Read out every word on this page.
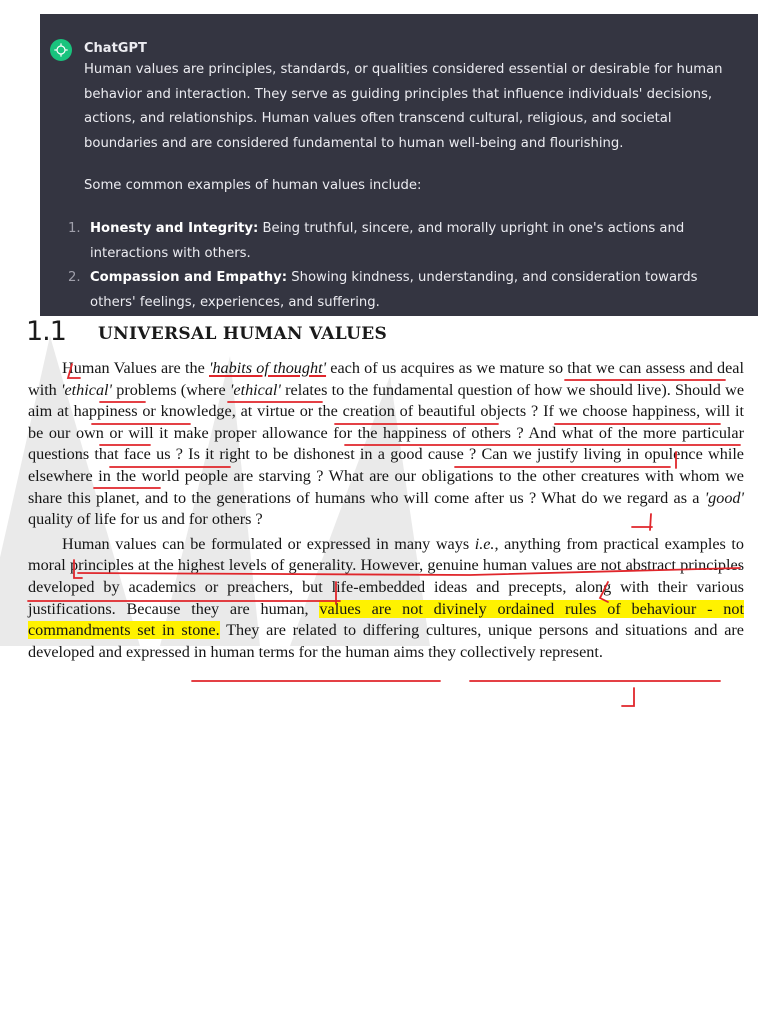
ChatGPT

Human values are principles, standards, or qualities considered essential or desirable for human behavior and interaction. They serve as guiding principles that influence individuals' decisions, actions, and relationships. Human values often transcend cultural, religious, and societal boundaries and are considered fundamental to human well-being and flourishing.

Some common examples of human values include:

1. Honesty and Integrity: Being truthful, sincere, and morally upright in one's actions and interactions with others.
2. Compassion and Empathy: Showing kindness, understanding, and consideration towards others' feelings, experiences, and suffering.
1.1 UNIVERSAL HUMAN VALUES

Human Values are the 'habits of thought' each of us acquires as we mature so that we can assess and deal with 'ethical' problems (where 'ethical' relates to the fundamental question of how we should live). Should we aim at happiness or knowledge, at virtue or the creation of beautiful objects ? If we choose happiness, will it be our own or will it make proper allowance for the happiness of others ? And what of the more particular questions that face us ? Is it right to be dishonest in a good cause ? Can we justify living in opulence while elsewhere in the world people are starving ? What are our obligations to the other creatures with whom we share this planet, and to the generations of humans who will come after us ? What do we regard as a 'good' quality of life for us and for others ?

Human values can be formulated or expressed in many ways i.e., anything from practical examples to moral principles at the highest levels of generality. However, genuine human values are not abstract principles developed by academics or preachers, but life-embedded ideas and precepts, along with their various justifications. Because they are human, values are not divinely ordained rules of behaviour - not commandments set in stone. They are related to differing cultures, unique persons and situations and are developed and expressed in human terms for the human aims they collectively represent.
